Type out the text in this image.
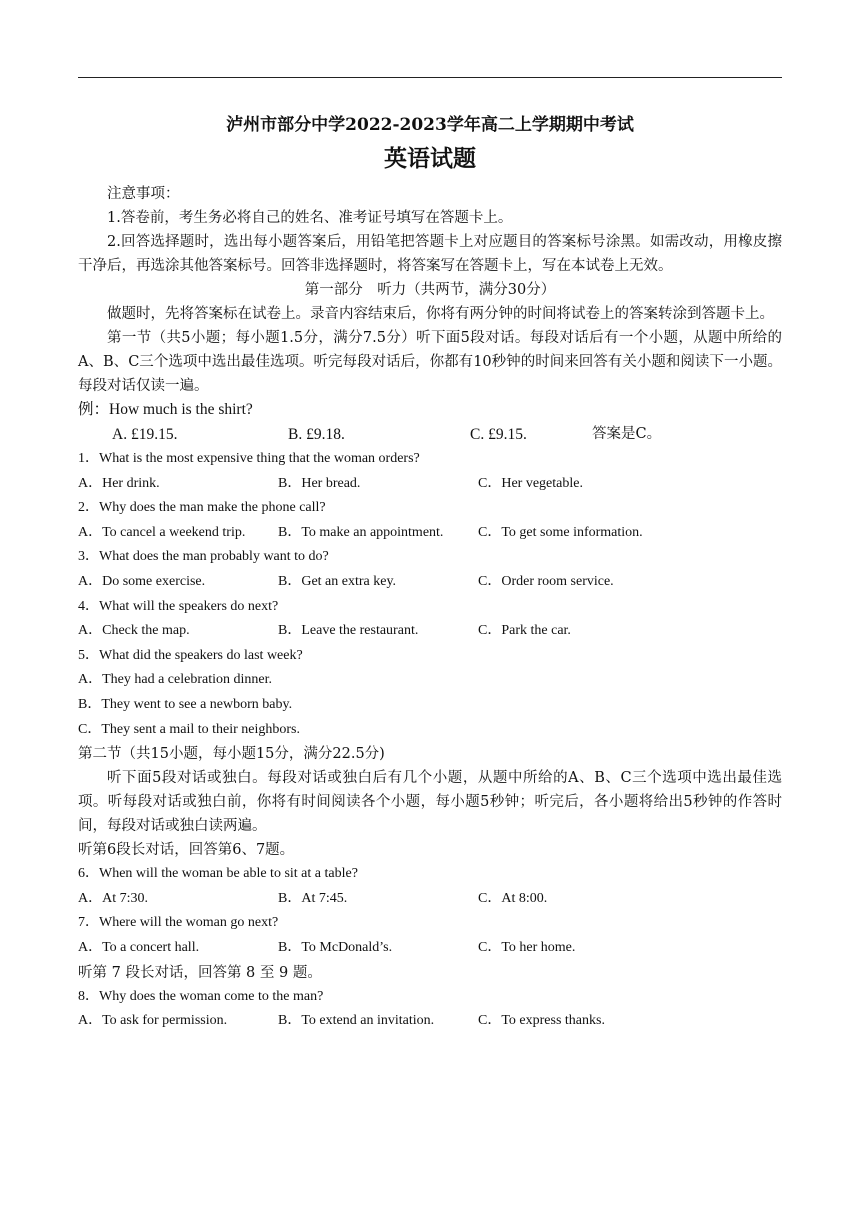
泸州市部分中学2022-2023学年高二上学期期中考试

英语试题

注意事项：

1.答卷前，考生务必将自己的姓名、准考证号填写在答题卡上。

2.回答选择题时，选出每小题答案后，用铅笔把答题卡上对应题目的答案标号涂黑。如需改动，用橡皮擦干净后，再选涂其他答案标号。回答非选择题时，将答案写在答题卡上，写在本试卷上无效。

第一部分　听力（共两节，满分30分）

做题时，先将答案标在试卷上。录音内容结束后，你将有两分钟的时间将试卷上的答案转涂到答题卡上。

第一节（共5小题；每小题1.5分，满分7.5分）听下面5段对话。每段对话后有一个小题，从题中所给的A、B、C三个选项中选出最佳选项。听完每段对话后，你都有10秒钟的时间来回答有关小题和阅读下一小题。每段对话仅读一遍。

例：How much is the shirt?

A. £19.15.	B. £9.18.	C. £9.15.	答案是C。

1．What is the most expensive thing that the woman orders?

A．Her drink.	B．Her bread.	C．Her vegetable.

2．Why does the man make the phone call?

A．To cancel a weekend trip.	B．To make an appointment.	C．To get some information.

3．What does the man probably want to do?

A．Do some exercise.	B．Get an extra key.	C．Order room service.

4．What will the speakers do next?

A．Check the map.	B．Leave the restaurant.	C．Park the car.

5．What did the speakers do last week?

A．They had a celebration dinner.

B．They went to see a newborn baby.

C．They sent a mail to their neighbors.

第二节（共15小题，每小题15分，满分22.5分)

听下面5段对话或独白。每段对话或独白后有几个小题，从题中所给的A、B、C三个选项中选出最佳选项。听每段对话或独白前，你将有时间阅读各个小题，每小题5秒钟；听完后，各小题将给出5秒钟的作答时间，每段对话或独白读两遍。

听第6段长对话，回答第6、7题。

6．When will the woman be able to sit at a table?

A．At 7:30.	B．At 7:45.	C．At 8:00.

7．Where will the woman go next?

A．To a concert hall.	B．To McDonald’s.	C．To her home.

听第 7 段长对话，回答第 8 至 9 题。

8．Why does the woman come to the man?

A．To ask for permission.	B．To extend an invitation.	C．To express thanks.
